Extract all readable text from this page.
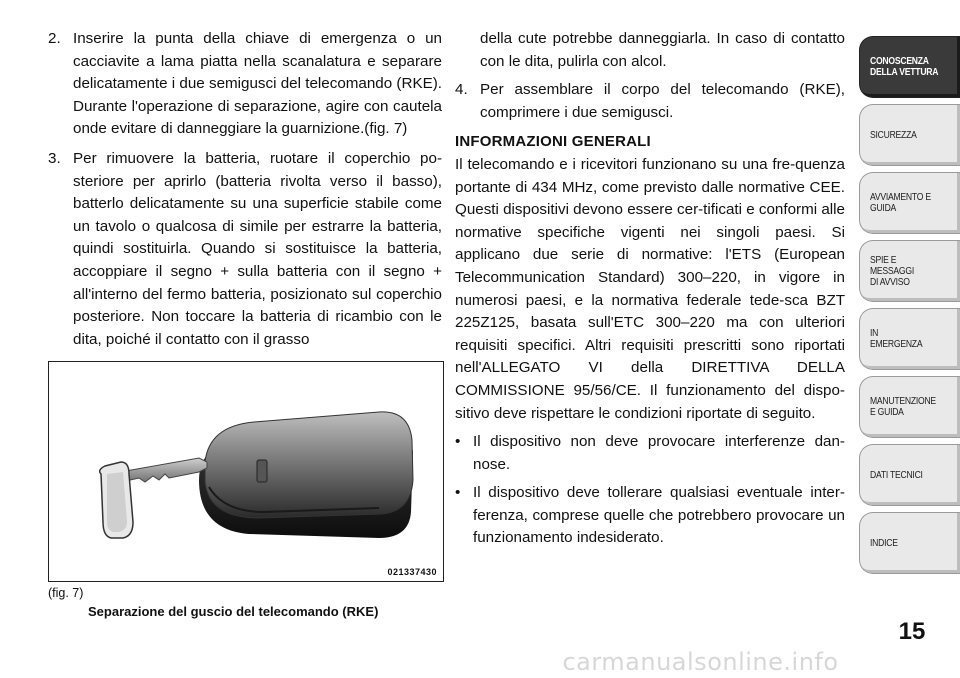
2. Inserire la punta della chiave di emergenza o un cacciavite a lama piatta nella scanalatura e separare delicatamente i due semigusci del telecomando (RKE). Durante l'operazione di separazione, agire con cautela onde evitare di danneggiare la guarnizione.(fig. 7)
3. Per rimuovere la batteria, ruotare il coperchio po-steriore per aprirlo (batteria rivolta verso il basso), batterlo delicatamente su una superficie stabile come un tavolo o qualcosa di simile per estrarre la batteria, quindi sostituirla. Quando si sostituisce la batteria, accoppiare il segno + sulla batteria con il segno + all'interno del fermo batteria, posizionato sul coperchio posteriore. Non toccare la batteria di ricambio con le dita, poiché il contatto con il grasso
021337430
(fig. 7)
Separazione del guscio del telecomando (RKE)
della cute potrebbe danneggiarla. In caso di contatto con le dita, pulirla con alcol.
4. Per assemblare il corpo del telecomando (RKE), comprimere i due semigusci.
INFORMAZIONI GENERALI
Il telecomando e i ricevitori funzionano su una fre-quenza portante di 434 MHz, come previsto dalle normative CEE. Questi dispositivi devono essere cer-tificati e conformi alle normative specifiche vigenti nei singoli paesi. Si applicano due serie di normative: l'ETS (European Telecommunication Standard) 300–220, in vigore in numerosi paesi, e la normativa federale tede-sca BZT 225Z125, basata sull'ETC 300–220 ma con ulteriori requisiti specifici. Altri requisiti prescritti sono riportati nell'ALLEGATO VI della DIRETTIVA DELLA COMMISSIONE 95/56/CE. Il funzionamento del dispo-sitivo deve rispettare le condizioni riportate di seguito.
• Il dispositivo non deve provocare interferenze dan-nose.
• Il dispositivo deve tollerare qualsiasi eventuale inter-ferenza, comprese quelle che potrebbero provocare un funzionamento indesiderato.
CONOSCENZA
DELLA VETTURA
SICUREZZA
AVVIAMENTO E
GUIDA
SPIE E
MESSAGGI
DI AVVISO
IN
EMERGENZA
MANUTENZIONE
E GUIDA
DATI TECNICI
INDICE
15
carmanualsonline.info
